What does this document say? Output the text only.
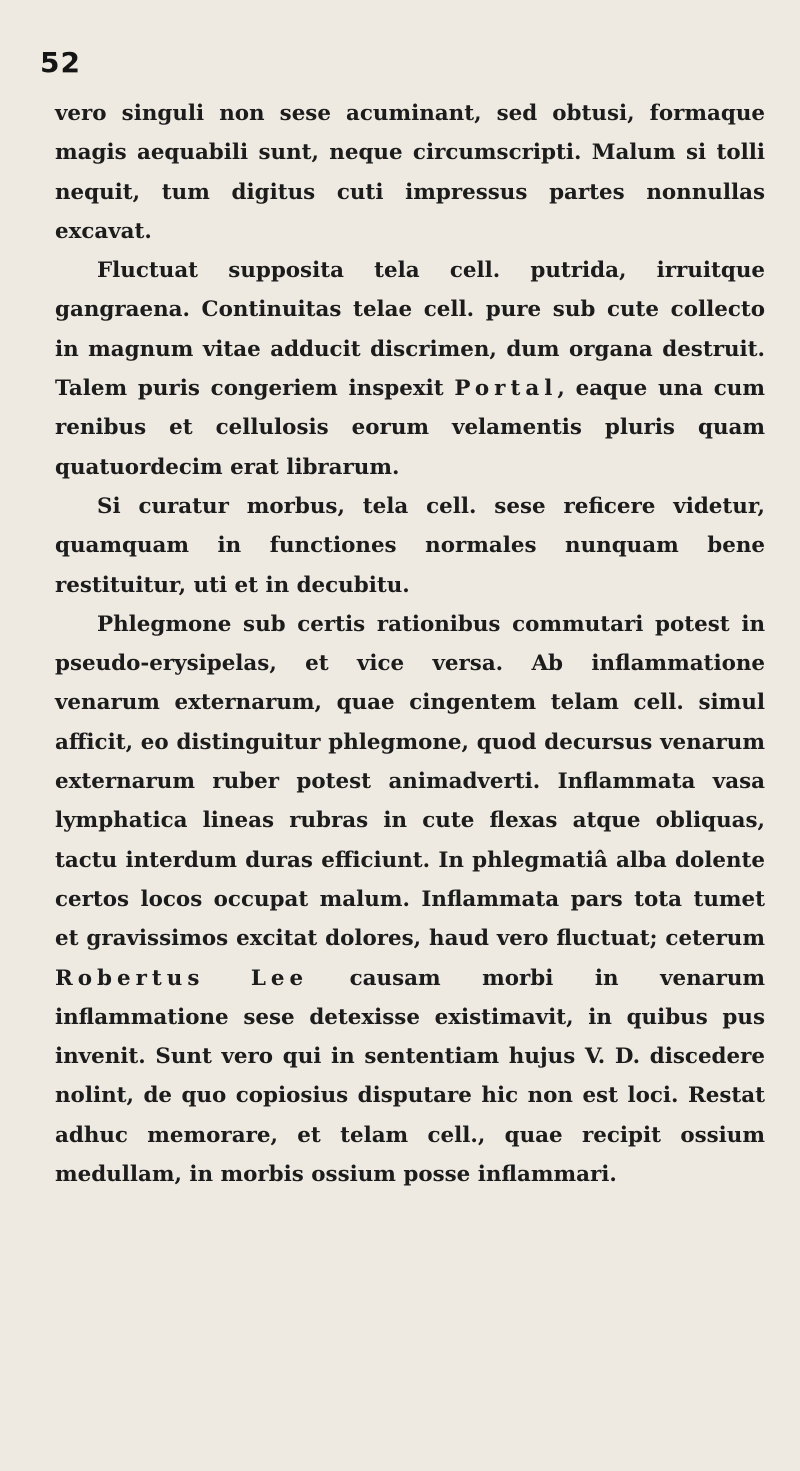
52

vero singuli non sese acuminant, sed obtusi, formaque magis aequabili sunt, neque circumscripti. Malum si tolli nequit, tum digitus cuti impressus partes nonnullas excavat.

Fluctuat supposita tela cell. putrida, irruitque gangraena. Continuitas telae cell. pure sub cute collecto in magnum vitae adducit discrimen, dum organa destruit. Talem puris congeriem inspexit Portal, eaque una cum renibus et cellulosis eorum velamentis pluris quam quatuordecim erat librarum.

Si curatur morbus, tela cell. sese reficere videtur, quamquam in functiones normales nunquam bene restituitur, uti et in decubitu.

Phlegmone sub certis rationibus commutari potest in pseudo-erysipelas, et vice versa. Ab inflammatione venarum externarum, quae cingentem telam cell. simul afficit, eo distinguitur phlegmone, quod decursus venarum externarum ruber potest animadverti. Inflammata vasa lymphatica lineas rubras in cute flexas atque obliquas, tactu interdum duras efficiunt. In phlegmatiâ alba dolente certos locos occupat malum. Inflammata pars tota tumet et gravissimos excitat dolores, haud vero fluctuat; ceterum Robertus Lee causam morbi in venarum inflammatione sese detexisse existimavit, in quibus pus invenit. Sunt vero qui in sententiam hujus V. D. discedere nolint, de quo copiosius disputare hic non est loci. Restat adhuc memorare, et telam cell., quae recipit ossium medullam, in morbis ossium posse inflammari.
